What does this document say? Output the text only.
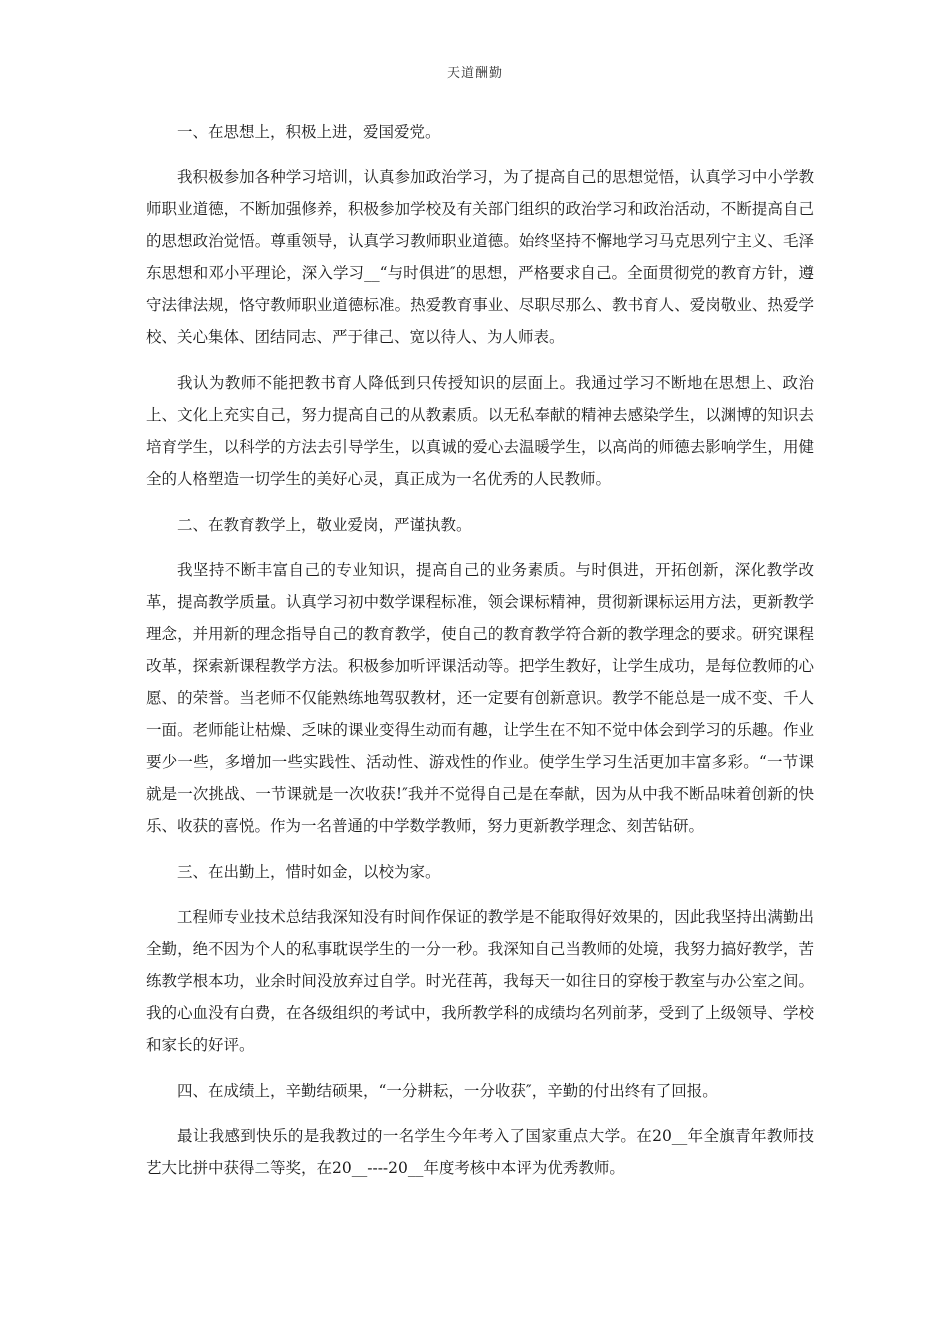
天道酬勤

一、在思想上，积极上进，爱国爱党。

我积极参加各种学习培训，认真参加政治学习，为了提高自己的思想觉悟，认真学习中小学教师职业道德，不断加强修养，积极参加学校及有关部门组织的政治学习和政治活动，不断提高自己的思想政治觉悟。尊重领导，认真学习教师职业道德。始终坚持不懈地学习马克思列宁主义、毛泽东思想和邓小平理论，深入学习__“与时俱进″的思想，严格要求自己。全面贯彻党的教育方针，遵守法律法规，恪守教师职业道德标准。热爱教育事业、尽职尽那么、教书育人、爱岗敬业、热爱学校、关心集体、团结同志、严于律己、宽以待人、为人师表。

我认为教师不能把教书育人降低到只传授知识的层面上。我通过学习不断地在思想上、政治上、文化上充实自己，努力提高自己的从教素质。以无私奉献的精神去感染学生，以渊博的知识去培育学生，以科学的方法去引导学生，以真诚的爱心去温暖学生，以高尚的师德去影响学生，用健全的人格塑造一切学生的美好心灵，真正成为一名优秀的人民教师。

二、在教育教学上，敬业爱岗，严谨执教。

我坚持不断丰富自己的专业知识，提高自己的业务素质。与时俱进，开拓创新，深化教学改革，提高教学质量。认真学习初中数学课程标准，领会课标精神，贯彻新课标运用方法，更新教学理念，并用新的理念指导自己的教育教学，使自己的教育教学符合新的教学理念的要求。研究课程改革，探索新课程教学方法。积极参加听评课活动等。把学生教好，让学生成功，是每位教师的心愿、的荣誉。当老师不仅能熟练地驾驭教材，还一定要有创新意识。教学不能总是一成不变、千人一面。老师能让枯燥、乏味的课业变得生动而有趣，让学生在不知不觉中体会到学习的乐趣。作业要少一些，多增加一些实践性、活动性、游戏性的作业。使学生学习生活更加丰富多彩。“一节课就是一次挑战、一节课就是一次收获!″我并不觉得自己是在奉献，因为从中我不断品味着创新的快乐、收获的喜悦。作为一名普通的中学数学教师，努力更新教学理念、刻苦钻研。

三、在出勤上，惜时如金，以校为家。

工程师专业技术总结我深知没有时间作保证的教学是不能取得好效果的，因此我坚持出满勤出全勤，绝不因为个人的私事耽误学生的一分一秒。我深知自己当教师的处境，我努力搞好教学，苦练教学根本功，业余时间没放弃过自学。时光荏苒，我每天一如往日的穿梭于教室与办公室之间。我的心血没有白费，在各级组织的考试中，我所教学科的成绩均名列前茅，受到了上级领导、学校和家长的好评。

四、在成绩上，辛勤结硕果，“一分耕耘，一分收获″，辛勤的付出终有了回报。

最让我感到快乐的是我教过的一名学生今年考入了国家重点大学。在20__年全旗青年教师技艺大比拼中获得二等奖，在20__----20__年度考核中本评为优秀教师。
